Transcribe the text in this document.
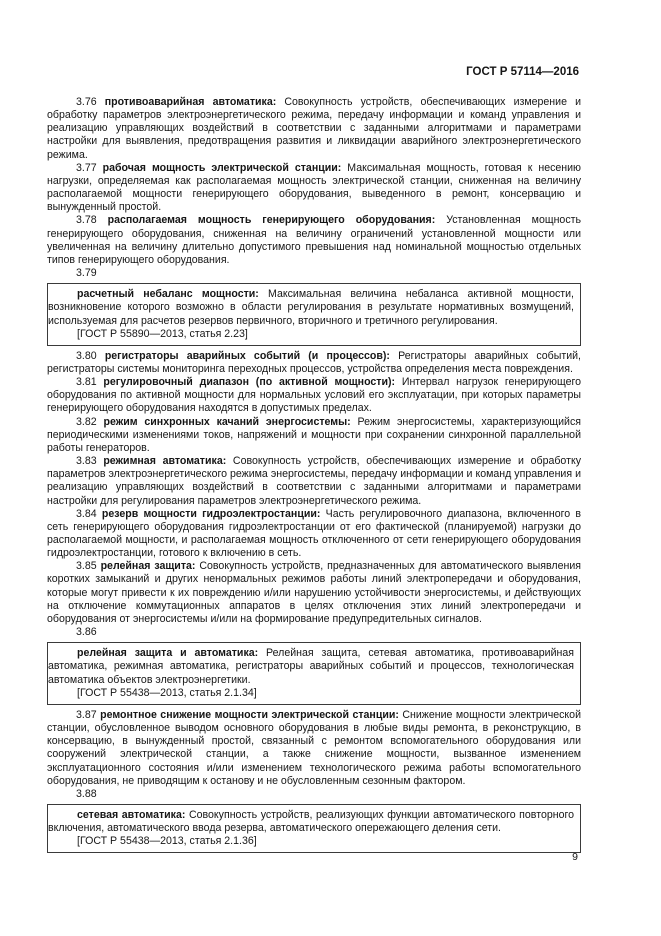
ГОСТ Р 57114—2016

3.76 противоаварийная автоматика: Совокупность устройств, обеспечивающих измерение и обработку параметров электроэнергетического режима, передачу информации и команд управления и реализацию управляющих воздействий в соответствии с заданными алгоритмами и параметрами настройки для выявления, предотвращения развития и ликвидации аварийного электроэнергетического режима.

3.77 рабочая мощность электрической станции: Максимальная мощность, готовая к несению нагрузки, определяемая как располагаемая мощность электрической станции, сниженная на величину располагаемой мощности генерирующего оборудования, выведенного в ремонт, консервацию и вынужденный простой.

3.78 располагаемая мощность генерирующего оборудования: Установленная мощность генерирующего оборудования, сниженная на величину ограничений установленной мощности или увеличенная на величину длительно допустимого превышения над номинальной мощностью отдельных типов генерирующего оборудования.

3.79

расчетный небаланс мощности: Максимальная величина небаланса активной мощности, возникновение которого возможно в области регулирования в результате нормативных возмущений, используемая для расчетов резервов первичного, вторичного и третичного регулирования.

[ГОСТ Р 55890—2013, статья 2.23]

3.80 регистраторы аварийных событий (и процессов): Регистраторы аварийных событий, регистраторы системы мониторинга переходных процессов, устройства определения места повреждения.

3.81 регулировочный диапазон (по активной мощности): Интервал нагрузок генерирующего оборудования по активной мощности для нормальных условий его эксплуатации, при которых параметры генерирующего оборудования находятся в допустимых пределах.

3.82 режим синхронных качаний энергосистемы: Режим энергосистемы, характеризующийся периодическими изменениями токов, напряжений и мощности при сохранении синхронной параллельной работы генераторов.

3.83 режимная автоматика: Совокупность устройств, обеспечивающих измерение и обработку параметров электроэнергетического режима энергосистемы, передачу информации и команд управления и реализацию управляющих воздействий в соответствии с заданными алгоритмами и параметрами настройки для регулирования параметров электроэнергетического режима.

3.84 резерв мощности гидроэлектростанции: Часть регулировочного диапазона, включенного в сеть генерирующего оборудования гидроэлектростанции от его фактической (планируемой) нагрузки до располагаемой мощности, и располагаемая мощность отключенного от сети генерирующего оборудования гидроэлектростанции, готового к включению в сеть.

3.85 релейная защита: Совокупность устройств, предназначенных для автоматического выявления коротких замыканий и других ненормальных режимов работы линий электропередачи и оборудования, которые могут привести к их повреждению и/или нарушению устойчивости энергосистемы, и действующих на отключение коммутационных аппаратов в целях отключения этих линий электропередачи и оборудования от энергосистемы и/или на формирование предупредительных сигналов.

3.86

релейная защита и автоматика: Релейная защита, сетевая автоматика, противоаварийная автоматика, режимная автоматика, регистраторы аварийных событий и процессов, технологическая автоматика объектов электроэнергетики.

[ГОСТ Р 55438—2013, статья 2.1.34]

3.87 ремонтное снижение мощности электрической станции: Снижение мощности электрической станции, обусловленное выводом основного оборудования в любые виды ремонта, в реконструкцию, в консервацию, в вынужденный простой, связанный с ремонтом вспомогательного оборудования или сооружений электрической станции, а также снижение мощности, вызванное изменением эксплуатационного состояния и/или изменением технологического режима работы вспомогательного оборудования, не приводящим к останову и не обусловленным сезонным фактором.

3.88

сетевая автоматика: Совокупность устройств, реализующих функции автоматического повторного включения, автоматического ввода резерва, автоматического опережающего деления сети.

[ГОСТ Р 55438—2013, статья 2.1.36]
9
